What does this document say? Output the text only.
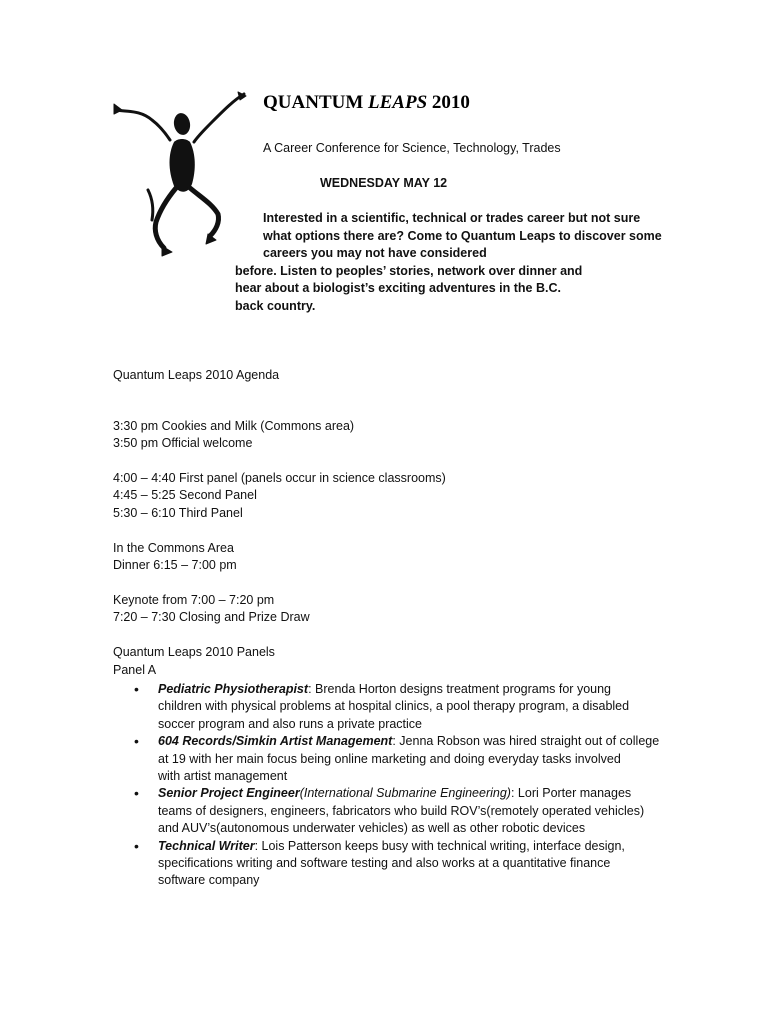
QUANTUM LEAPS 2010
A Career Conference for Science, Technology, Trades
WEDNESDAY MAY 12
Interested in a scientific, technical or trades career but not sure
what options there are? Come to Quantum Leaps to discover some
careers you may not have considered
before. Listen to peoples’ stories, network over dinner and
hear about a biologist’s exciting adventures in the B.C.
back country.
Quantum Leaps 2010 Agenda
3:30 pm Cookies and Milk (Commons area)
3:50 pm Official welcome
4:00 – 4:40 First panel (panels occur in science classrooms)
4:45 – 5:25 Second Panel
5:30 – 6:10 Third Panel
In the Commons Area
Dinner 6:15 – 7:00 pm
Keynote from 7:00 – 7:20 pm
7:20 – 7:30 Closing and Prize Draw
Quantum Leaps 2010 Panels
Panel A
• Pediatric Physiotherapist: Brenda Horton designs treatment programs for young
children with physical problems at hospital clinics, a pool therapy program, a disabled
soccer program and also runs a private practice
• 604 Records/Simkin Artist Management: Jenna Robson was hired straight out of college
at 19 with her main focus being online marketing and doing everyday tasks involved
with artist management
• Senior Project Engineer(International Submarine Engineering): Lori Porter manages
teams of designers, engineers, fabricators who build ROV’s(remotely operated vehicles)
and AUV’s(autonomous underwater vehicles) as well as other robotic devices
• Technical Writer: Lois Patterson keeps busy with technical writing, interface design,
specifications writing and software testing and also works at a quantitative finance
software company
